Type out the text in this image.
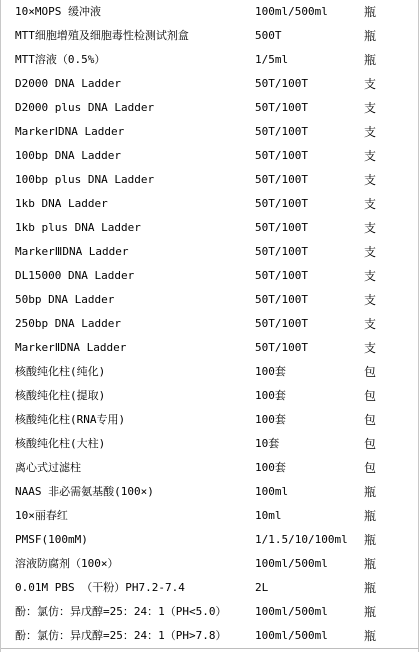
10×MOPS 缓冲液	100ml/500ml	瓶
MTT细胞增殖及细胞毒性检测试剂盒	500T	瓶
MTT溶液（0.5%）	1/5ml	瓶
D2000 DNA Ladder	50T/100T	支
D2000 plus DNA Ladder	50T/100T	支
MarkerⅠDNA Ladder	50T/100T	支
100bp DNA Ladder	50T/100T	支
100bp plus DNA Ladder	50T/100T	支
1kb DNA Ladder	50T/100T	支
1kb plus DNA Ladder	50T/100T	支
MarkerⅢDNA Ladder	50T/100T	支
DL15000 DNA Ladder	50T/100T	支
50bp DNA Ladder	50T/100T	支
250bp DNA Ladder	50T/100T	支
MarkerⅡDNA Ladder	50T/100T	支
核酸纯化柱(纯化)	100套	包
核酸纯化柱(提取)	100套	包
核酸纯化柱(RNA专用)	100套	包
核酸纯化柱(大柱)	10套	包
离心式过滤柱	100套	包
NAAS 非必需氨基酸(100×)	100ml	瓶
10×丽春红	10ml	瓶
PMSF(100mM)	1/1.5/10/100ml	瓶
溶液防腐剂（100×）	100ml/500ml	瓶
0.01M PBS （干粉）PH7.2-7.4	2L	瓶
酚：氯仿：异戊醇=25：24：1（PH<5.0）	100ml/500ml	瓶
酚：氯仿：异戊醇=25：24：1（PH>7.8）	100ml/500ml	瓶
